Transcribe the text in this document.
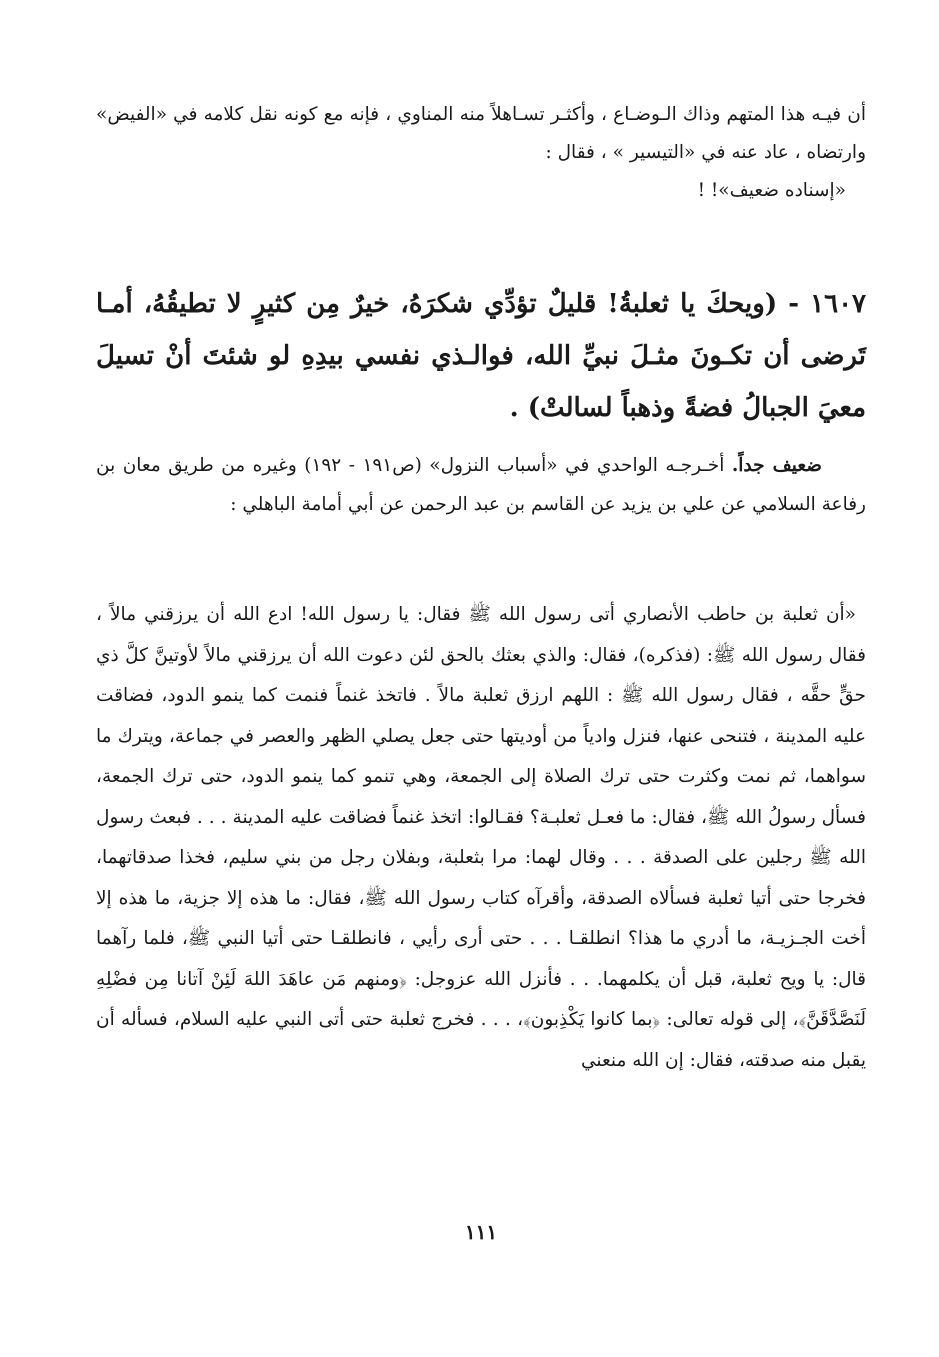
أن فيـه هذا المتهم وذاك الـوضـاع ، وأكثـر تسـاهلاً منه المناوي ، فإنه مع كونه نقل كلامه في «الفيض» وارتضاه ، عاد عنه في «التيسير » ، فقال :

«إسناده ضعيف»! !

١٦٠٧ - (ويحكَ يا ثعلبةُ! قليلٌ تؤدِّي شكرَهُ، خيرٌ مِن كثيرٍ لا تطيقُهُ، أمـا تَرضى أن تكـونَ مثـلَ نبيِّ الله، فوالـذي نفسي بيدِهِ لو شئتَ أنْ تسيلَ معيَ الجبالُ فضةً وذهباً لسالتْ) .

ضعيف جداً. أخـرجـه الواحدي في «أسباب النزول» (ص١٩١ - ١٩٢) وغيره من طريق معان بن رفاعة السلامي عن علي بن يزيد عن القاسم بن عبد الرحمن عن أبي أمامة الباهلي :

«أن ثعلبة بن حاطب الأنصاري أتى رسول الله ﷺ فقال: يا رسول الله! ادع الله أن يرزقني مالاً ، فقال رسول الله ﷺ: (فذكره)، فقال: والذي بعثك بالحق لئن دعوت الله أن يرزقني مالاً لأوتينَّ كلَّ ذي حقٍّ حقَّه ، فقال رسول الله ﷺ : اللهم ارزق ثعلبة مالاً . فاتخذ غنماً فنمت كما ينمو الدود، فضاقت عليه المدينة ، فتنحى عنها، فنزل وادياً من أوديتها حتى جعل يصلي الظهر والعصر في جماعة، ويترك ما سواهما، ثم نمت وكثرت حتى ترك الصلاة إلى الجمعة، وهي تنمو كما ينمو الدود، حتى ترك الجمعة، فسأل رسولُ الله ﷺ، فقال: ما فعـل ثعلبـة؟ فقـالوا: اتخذ غنماً فضاقت عليه المدينة . . . فبعث رسول الله ﷺ رجلين على الصدقة . . . وقال لهما: مرا بثعلبة، وبفلان رجل من بني سليم، فخذا صدقاتهما، فخرجا حتى أتيا ثعلبة فسألاه الصدقة، وأقرآه كتاب رسول الله ﷺ، فقال: ما هذه إلا جزية، ما هذه إلا أخت الجـزيـة، ما أدري ما هذا؟ انطلقـا . . . حتى أرى رأيي ، فانطلقـا حتى أتيا النبي ﷺ، فلما رآهما قال: يا ويح ثعلبة، قبل أن يكلمهما. . . فأنزل الله عزوجل: ﴿ومنهم مَن عاهَدَ اللهَ لَئِنْ آتانا مِن فضْلِهِ لَنَصَّدَّقَنَّ﴾، إلى قوله تعالى: ﴿بما كانوا يَكْذِبون﴾، . . . فخرج ثعلبة حتى أتى النبي عليه السلام، فسأله أن يقبل منه صدقته، فقال: إن الله منعني

١١١
